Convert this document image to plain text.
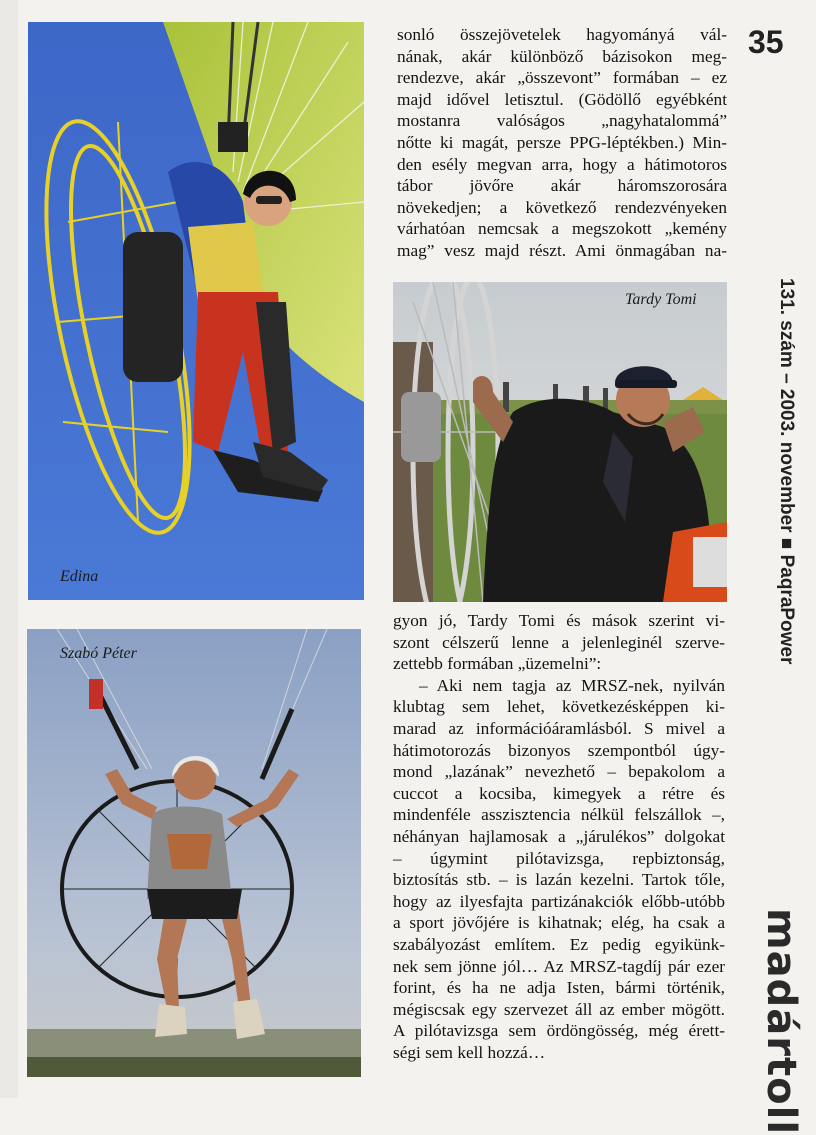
Edina
Tardy Tomi
Szabó Péter

sonló összejövetelek hagyományá vál-

nának, akár különböző bázisokon meg-

rendezve, akár „összevont” formában – ez

majd idővel letisztul. (Gödöllő egyébként

mostanra valóságos „nagyhatalommá”

nőtte ki magát, persze PPG-léptékben.) Min-

den esély megvan arra, hogy a hátimotoros

tábor jövőre akár háromszorosára

növekedjen; a következő rendezvényeken

várhatóan nemcsak a megszokott „kemény

mag” vesz majd részt. Ami önmagában na-

gyon jó, Tardy Tomi és mások szerint vi-

szont célszerű lenne a jelenleginél szerve-

zettebb formában „üzemelni”:

– Aki nem tagja az MRSZ-nek, nyilván

klubtag sem lehet, következésképpen ki-

marad az információáramlásból. S mivel a

hátimotorozás bizonyos szempontból úgy-

mond „lazának” nevezhető – bepakolom a

cuccot a kocsiba, kimegyek a rétre és

mindenféle asszisztencia nélkül felszállok –,

néhányan hajlamosak a „járulékos” dolgokat

– úgymint pilótavizsga, repbiztonság,

biztosítás stb. – is lazán kezelni. Tartok tőle,

hogy az ilyesfajta partizánakciók előbb-utóbb

a sport jövőjére is kihatnak; elég, ha csak a

szabályozást említem. Ez pedig egyikünk-

nek sem jönne jól… Az MRSZ-tagdíj pár ezer

forint, és ha ne adja Isten, bármi történik,

mégiscsak egy szervezet áll az ember mögött.

A pilótavizsga sem ördöngösség, még érett-

ségi sem kell hozzá…

35
131. szám – 2003. november ■ PaqraPower
madártoll
